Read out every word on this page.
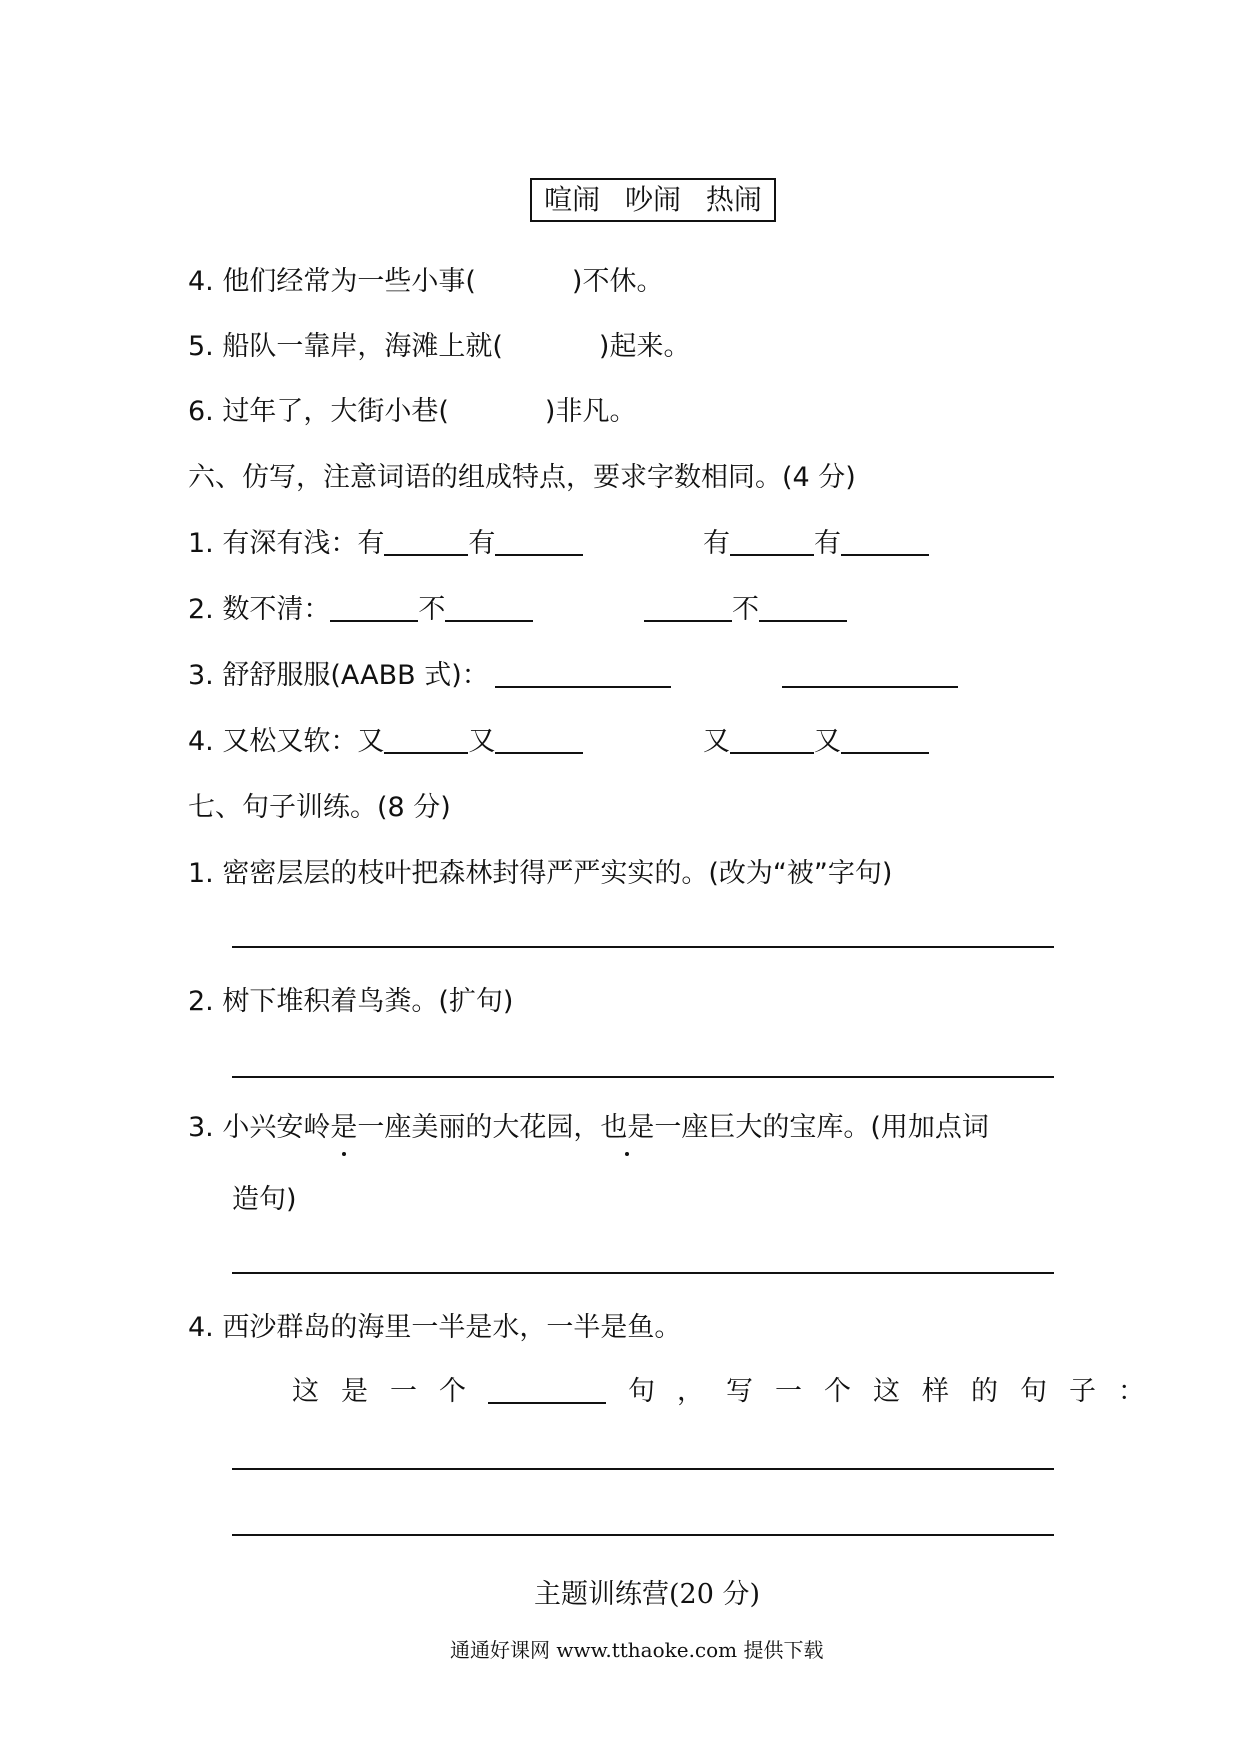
喧闹 吵闹 热闹
4. 他们经常为一些小事(	)不休。
5. 船队一靠岸，海滩上就(	)起来。
6. 过年了，大街小巷(	)非凡。
六、仿写，注意词语的组成特点，要求字数相同。(4 分)
1. 有深有浅：有	有	有	有
2. 数不清：	不	不
3. 舒舒服服(AABB 式)：
4. 又松又软：又	又	又	又
七、句子训练。(8 分)
1. 密密层层的枝叶把森林封得严严实实的。(改为“被”字句)
2. 树下堆积着鸟粪。(扩句)
3. 小兴安岭是一座美丽的大花园，也是一座巨大的宝库。(用加点词
造句)
4. 西沙群岛的海里一半是水，一半是鱼。
这是一个	句，写一个这样的句子：
主题训练营(20 分)
通通好课网 www.tthaoke.com 提供下载
